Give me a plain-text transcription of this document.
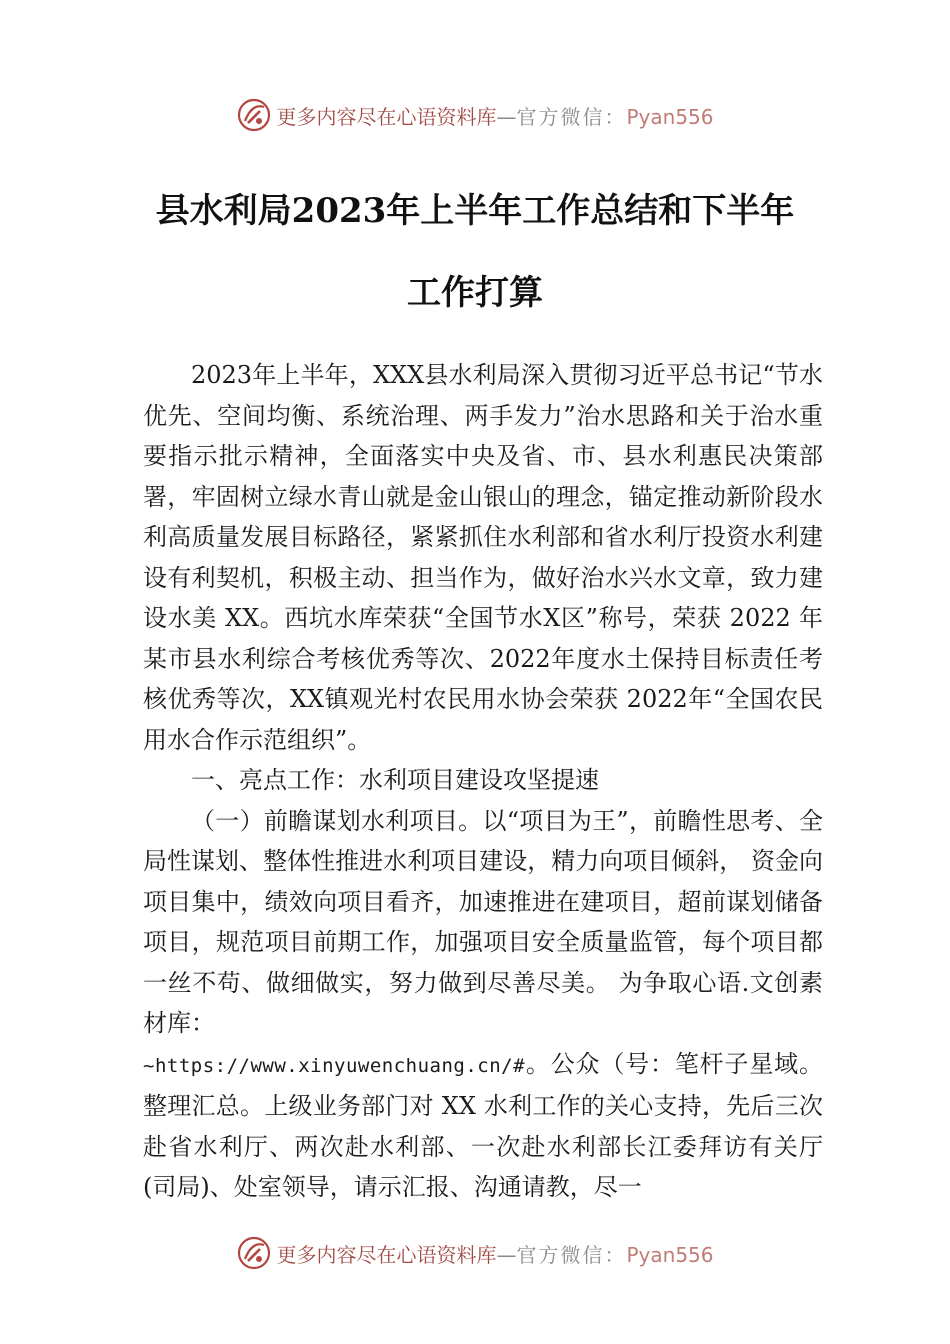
更多内容尽在心语资料库—官方微信：Pyan556
县水利局2023年上半年工作总结和下半年
工作打算

2023年上半年，XXX县水利局深入贯彻习近平总书记“节水优先、空间均衡、系统治理、两手发力”治水思路和关于治水重要指示批示精神，全面落实中央及省、市、县水利惠民决策部署，牢固树立绿水青山就是金山银山的理念，锚定推动新阶段水利高质量发展目标路径，紧紧抓住水利部和省水利厅投资水利建设有利契机，积极主动、担当作为，做好治水兴水文章，致力建设水美 XX。西坑水库荣获“全国节水X区”称号，荣获 2022 年某市县水利综合考核优秀等次、2022年度水土保持目标责任考核优秀等次，XX镇观光村农民用水协会荣获 2022年“全国农民用水合作示范组织”。

一、亮点工作：水利项目建设攻坚提速

（一）前瞻谋划水利项目。以“项目为王”，前瞻性思考、全局性谋划、整体性推进水利项目建设，精力向项目倾斜， 资金向项目集中，绩效向项目看齐，加速推进在建项目，超前谋划储备项目，规范项目前期工作，加强项目安全质量监管，每个项目都一丝不苟、做细做实，努力做到尽善尽美。 为争取心语.文创素材库：

~https://www.xinyuwenchuang.cn/#。公众（号：笔杆子星域。整理汇总。上级业务部门对 XX 水利工作的关心支持，先后三次赴省水利厅、两次赴水利部、一次赴水利部长江委拜访有关厅(司局)、处室领导，请示汇报、沟通请教，尽一

更多内容尽在心语资料库—官方微信：Pyan556
